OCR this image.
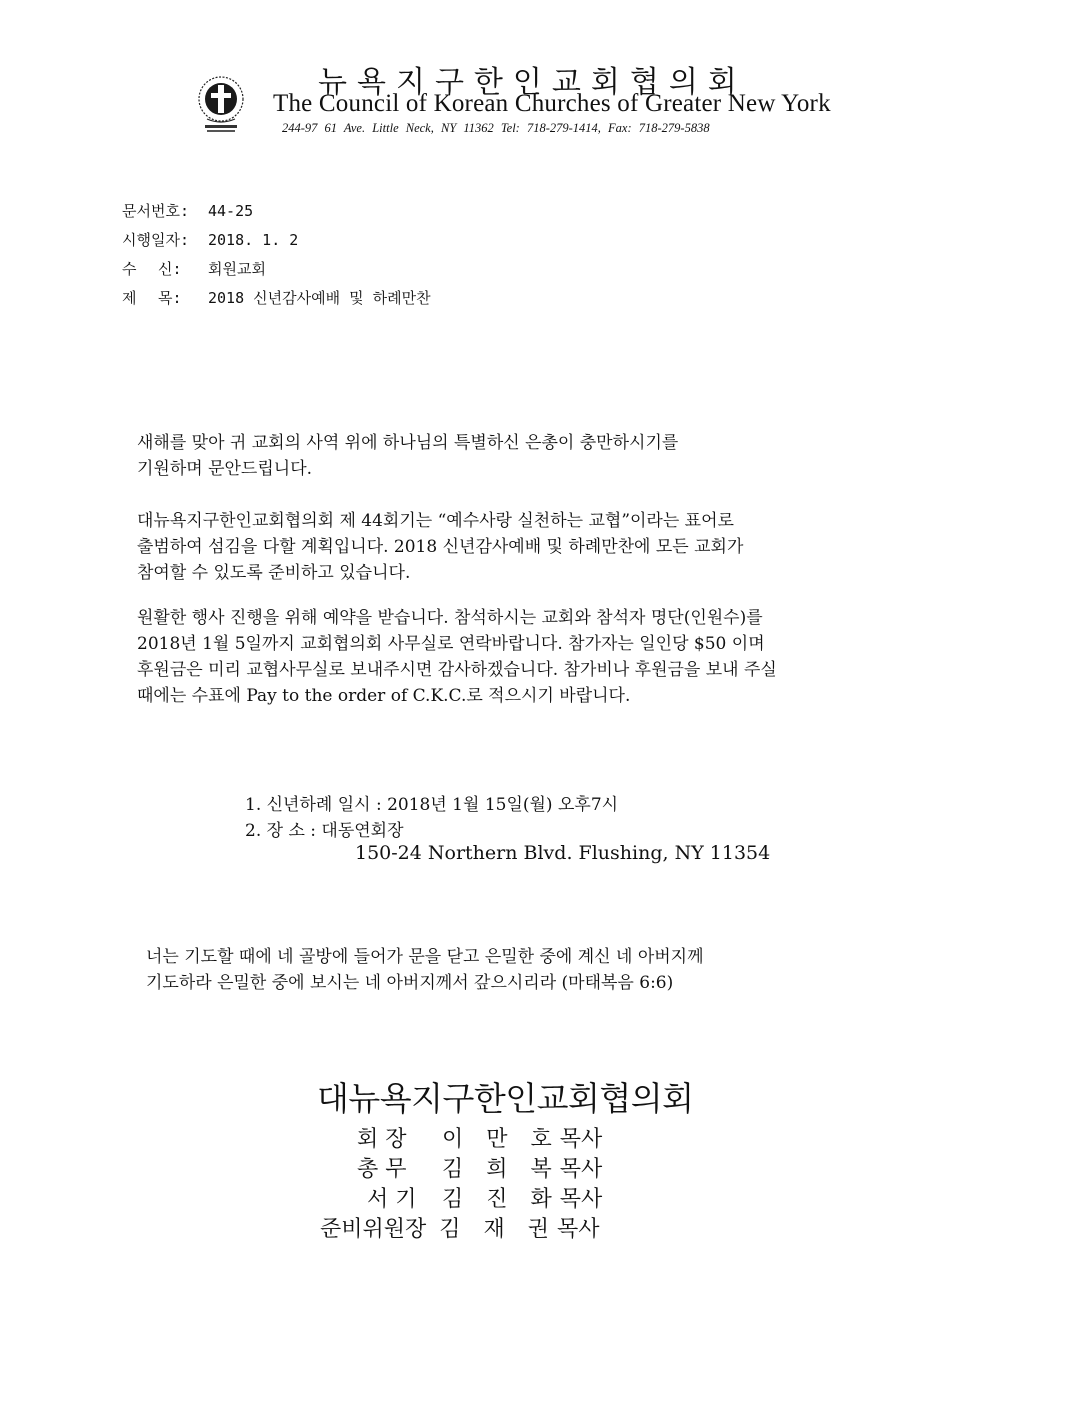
뉴욕지구한인교회협의회
The Council of Korean Churches of Greater New York
244-97 61 Ave. Little Neck, NY 11362 Tel: 718-279-1414, Fax: 718-279-5838
문서번호: 44-25
시행일자: 2018. 1. 2
수 신: 회원교회
제 목: 2018 신년감사예배 및 하례만찬
새해를 맞아 귀 교회의 사역 위에 하나님의 특별하신 은총이 충만하시기를
기원하며 문안드립니다.
대뉴욕지구한인교회협의회 제 44회기는 “예수사랑 실천하는 교협”이라는 표어로
출범하여 섬김을 다할 계획입니다. 2018 신년감사예배 및 하례만찬에 모든 교회가
참여할 수 있도록 준비하고 있습니다.
원활한 행사 진행을 위해 예약을 받습니다. 참석하시는 교회와 참석자 명단(인원수)를
2018년 1월 5일까지 교회협의회 사무실로 연락바랍니다. 참가자는 일인당 $50 이며
후원금은 미리 교협사무실로 보내주시면 감사하겠습니다. 참가비나 후원금을 보내 주실
때에는 수표에 Pay to the order of C.K.C.로 적으시기 바랍니다.
1. 신년하례 일시 : 2018년 1월 15일(월) 오후7시
2. 장 소 : 대동연회장
150-24 Northern Blvd. Flushing, NY 11354
너는 기도할 때에 네 골방에 들어가 문을 닫고 은밀한 중에 계신 네 아버지께
기도하라 은밀한 중에 보시는 네 아버지께서 갚으시리라 (마태복음 6:6)
대뉴욕지구한인교회협의회
회 장 이 만 호목사
총 무 김 희 복목사
서 기 김 진 화목사
준비위원장 김 재 권목사
